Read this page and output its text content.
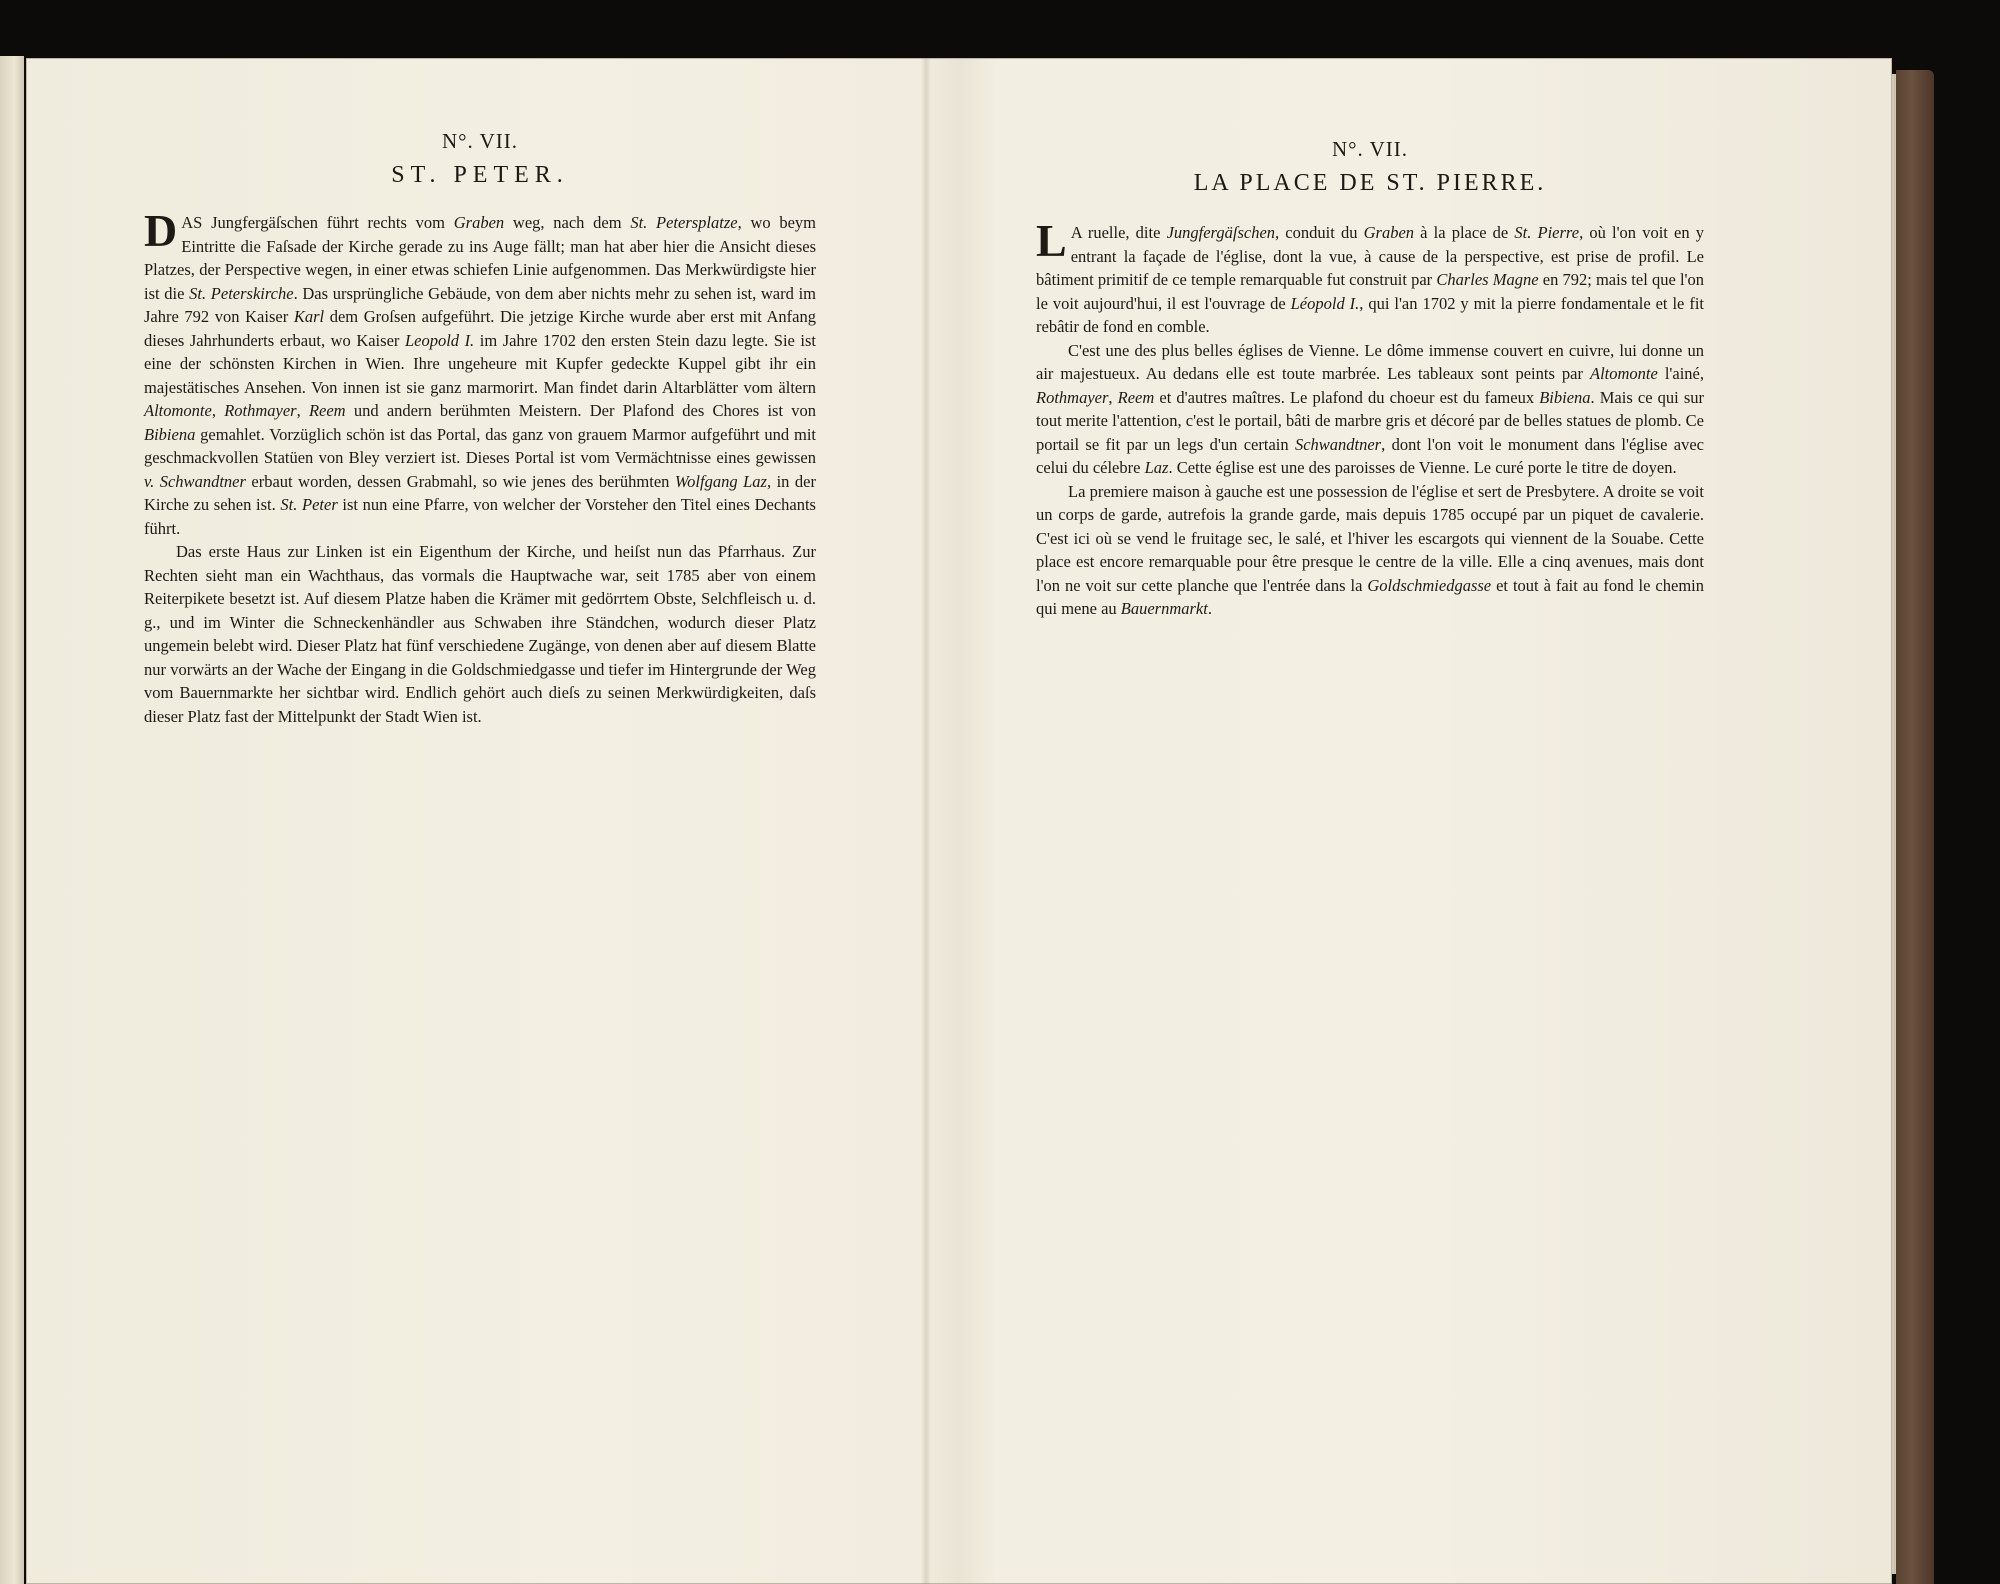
N°. VII.

ST. PETER.

DAS Jungfergäſschen führt rechts vom Graben weg, nach dem St. Petersplatze, wo beym Eintritte die Faſsade der Kirche gerade zu ins Auge fällt; man hat aber hier die Ansicht dieses Platzes, der Perspective wegen, in einer etwas schiefen Linie aufgenommen. Das Merkwürdigste hier ist die St. Peterskirche. Das ursprüngliche Gebäude, von dem aber nichts mehr zu sehen ist, ward im Jahre 792 von Kaiser Karl dem Groſsen aufgeführt. Die jetzige Kirche wurde aber erst mit Anfang dieses Jahrhunderts erbaut, wo Kaiser Leopold I. im Jahre 1702 den ersten Stein dazu legte. Sie ist eine der schönsten Kirchen in Wien. Ihre ungeheure mit Kupfer gedeckte Kuppel gibt ihr ein majestätisches Ansehen. Von innen ist sie ganz marmorirt. Man findet darin Altarblätter vom ältern Altomonte, Rothmayer, Reem und andern berühmten Meistern. Der Plafond des Chores ist von Bibiena gemahlet. Vorzüglich schön ist das Portal, das ganz von grauem Marmor aufgeführt und mit geschmackvollen Statüen von Bley verziert ist. Dieses Portal ist vom Vermächtnisse eines gewissen v. Schwandtner erbaut worden, dessen Grabmahl, so wie jenes des berühmten Wolfgang Laz, in der Kirche zu sehen ist. St. Peter ist nun eine Pfarre, von welcher der Vorsteher den Titel eines Dechants führt.

Das erste Haus zur Linken ist ein Eigenthum der Kirche, und heiſst nun das Pfarrhaus. Zur Rechten sieht man ein Wachthaus, das vormals die Hauptwache war, seit 1785 aber von einem Reiterpikete besetzt ist. Auf diesem Platze haben die Krämer mit gedörrtem Obste, Selchfleisch u. d. g., und im Winter die Schneckenhändler aus Schwaben ihre Ständchen, wodurch dieser Platz ungemein belebt wird. Dieser Platz hat fünf verschiedene Zugänge, von denen aber auf diesem Blatte nur vorwärts an der Wache der Eingang in die Goldschmiedgasse und tiefer im Hintergrunde der Weg vom Bauernmarkte her sichtbar wird. Endlich gehört auch dieſs zu seinen Merkwürdigkeiten, daſs dieser Platz fast der Mittelpunkt der Stadt Wien ist.

N°. VII.

LA PLACE DE ST. PIERRE.

L A ruelle, dite Jungfergäſschen, conduit du Graben à la place de St. Pierre, où l'on voit en y entrant la façade de l'église, dont la vue, à cause de la perspective, est prise de profil. Le bâtiment primitif de ce temple remarquable fut construit par Charles Magne en 792; mais tel que l'on le voit aujourd'hui, il est l'ouvrage de Léopold I., qui l'an 1702 y mit la pierre fondamentale et le fit rebâtir de fond en comble.

C'est une des plus belles églises de Vienne. Le dôme immense couvert en cuivre, lui donne un air majestueux. Au dedans elle est toute marbrée. Les tableaux sont peints par Altomonte l'ainé, Rothmayer, Reem et d'autres maîtres. Le plafond du choeur est du fameux Bibiena. Mais ce qui sur tout merite l'attention, c'est le portail, bâti de marbre gris et décoré par de belles statues de plomb. Ce portail se fit par un legs d'un certain Schwandtner, dont l'on voit le monument dans l'église avec celui du célebre Laz. Cette église est une des paroisses de Vienne. Le curé porte le titre de doyen.

La premiere maison à gauche est une possession de l'église et sert de Presbytere. A droite se voit un corps de garde, autrefois la grande garde, mais depuis 1785 occupé par un piquet de cavalerie. C'est ici où se vend le fruitage sec, le salé, et l'hiver les escargots qui viennent de la Souabe. Cette place est encore remarquable pour être presque le centre de la ville. Elle a cinq avenues, mais dont l'on ne voit sur cette planche que l'entrée dans la Goldschmiedgasse et tout à fait au fond le chemin qui mene au Bauernmarkt.
